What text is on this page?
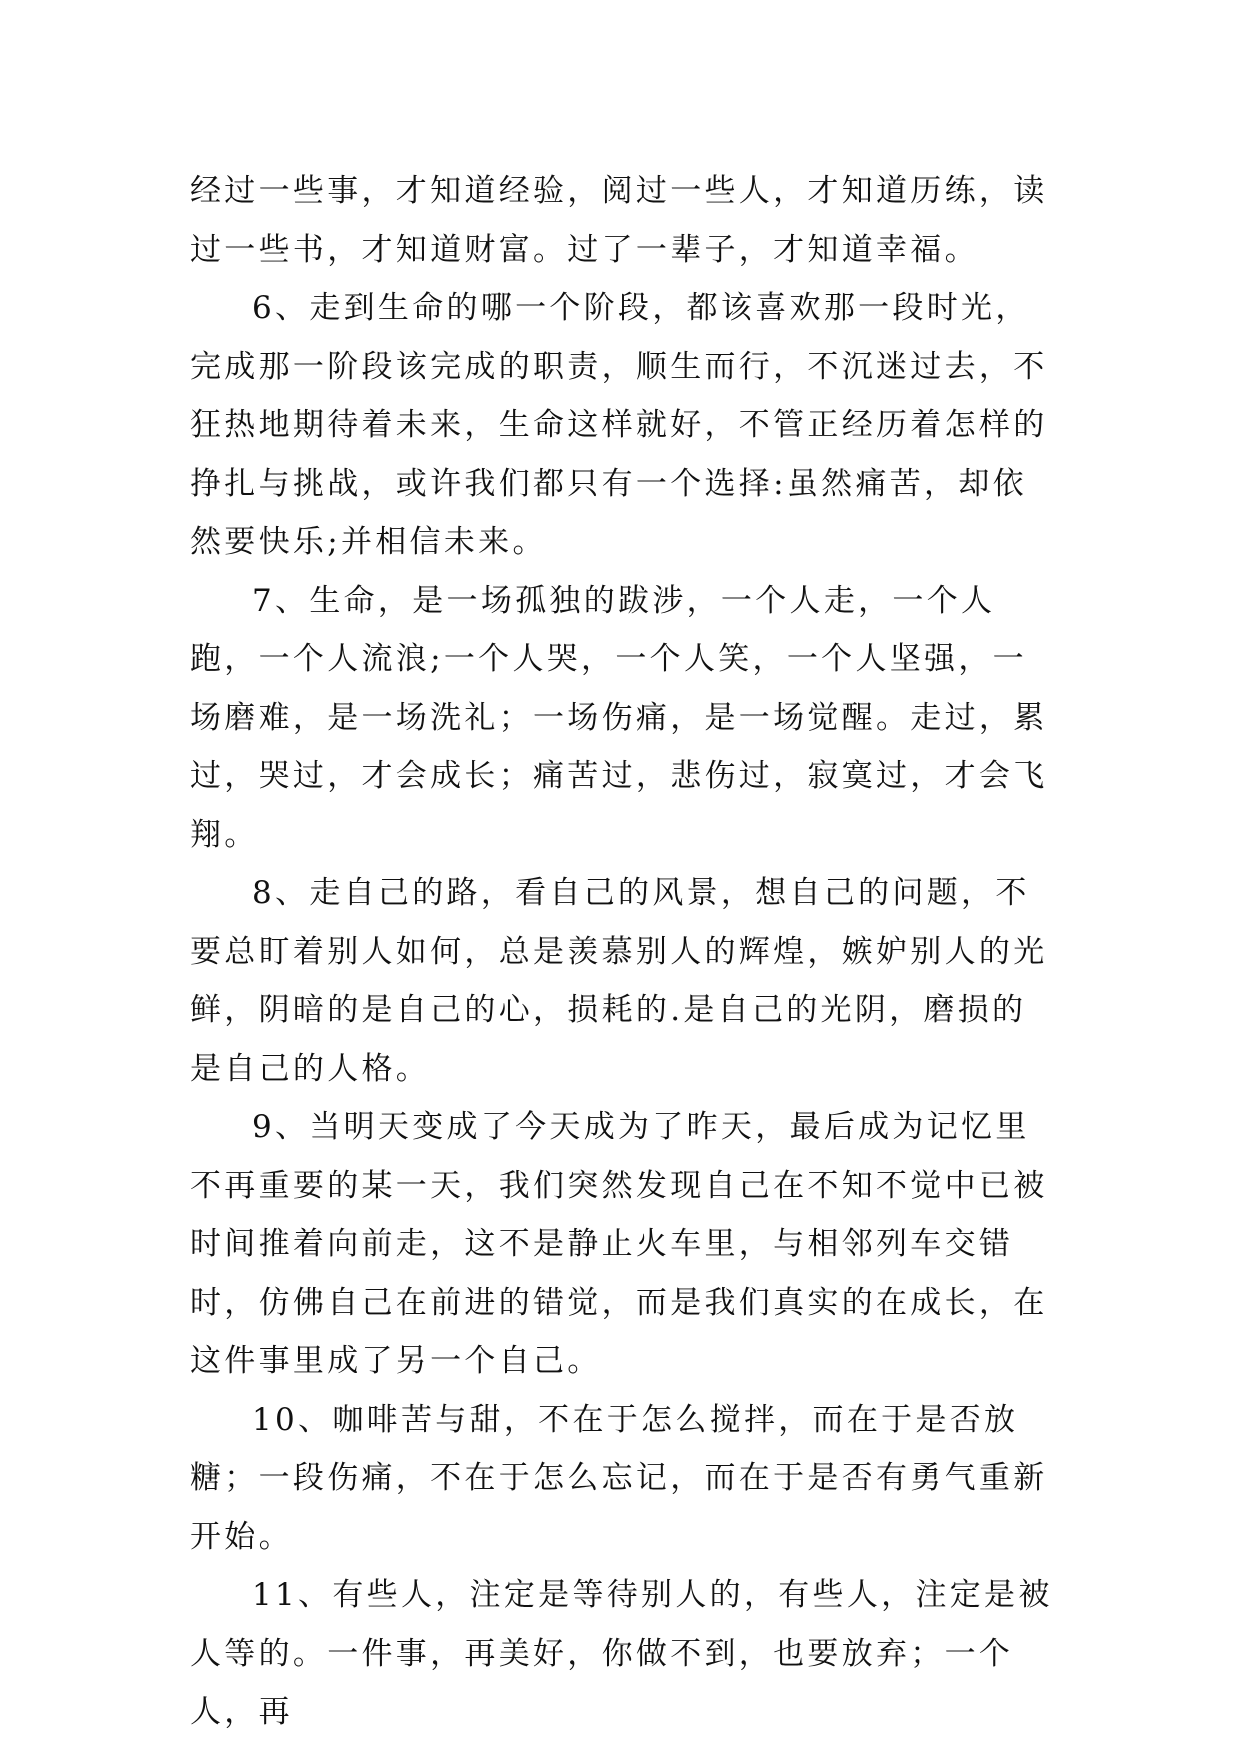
经过一些事，才知道经验，阅过一些人，才知道历练，读过一些书，才知道财富。过了一辈子，才知道幸福。

6、走到生命的哪一个阶段，都该喜欢那一段时光，完成那一阶段该完成的职责，顺生而行，不沉迷过去，不狂热地期待着未来，生命这样就好，不管正经历着怎样的挣扎与挑战，或许我们都只有一个选择:虽然痛苦，却依然要快乐;并相信未来。

7、生命，是一场孤独的跋涉，一个人走，一个人跑，一个人流浪;一个人哭，一个人笑，一个人坚强，一场磨难，是一场洗礼；一场伤痛，是一场觉醒。走过，累过，哭过，才会成长；痛苦过，悲伤过，寂寞过，才会飞翔。

8、走自己的路，看自己的风景，想自己的问题，不要总盯着别人如何，总是羡慕别人的辉煌，嫉妒别人的光鲜，阴暗的是自己的心，损耗的.是自己的光阴，磨损的是自己的人格。

9、当明天变成了今天成为了昨天，最后成为记忆里不再重要的某一天，我们突然发现自己在不知不觉中已被时间推着向前走，这不是静止火车里，与相邻列车交错时，仿佛自己在前进的错觉，而是我们真实的在成长，在这件事里成了另一个自己。

10、咖啡苦与甜，不在于怎么搅拌，而在于是否放糖；一段伤痛，不在于怎么忘记，而在于是否有勇气重新开始。

11、有些人，注定是等待别人的，有些人，注定是被人等的。一件事，再美好，你做不到，也要放弃；一个人，再
